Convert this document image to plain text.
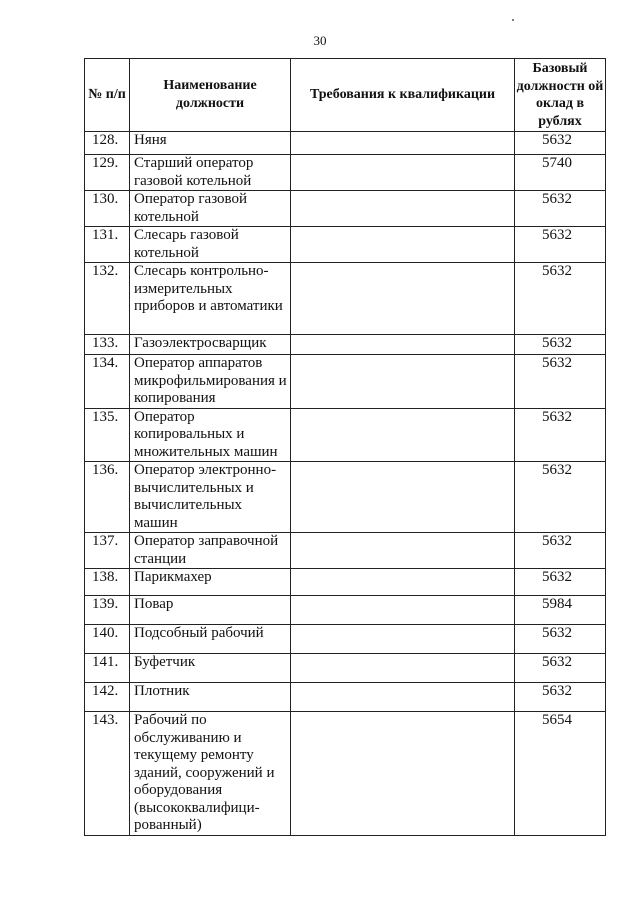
30
№ п/п	Наименование должности	Требования к квалификации	Базовый должностн ой оклад в рублях
128.	Няня		5632
129.	Старший оператор газовой котельной		5740
130.	Оператор газовой котельной		5632
131.	Слесарь газовой котельной		5632
132.	Слесарь контрольно-измерительных приборов и автоматики		5632
133.	Газоэлектросварщик		5632
134.	Оператор аппаратов микрофильмирования и копирования		5632
135.	Оператор копировальных и множительных машин		5632
136.	Оператор электронно-вычислительных и вычислительных машин		5632
137.	Оператор заправочной станции		5632
138.	Парикмахер		5632
139.	Повар		5984
140.	Подсобный рабочий		5632
141.	Буфетчик		5632
142.	Плотник		5632
143.	Рабочий по обслуживанию и текущему ремонту зданий, сооружений и оборудования (высококвалифици-рованный)		5654
